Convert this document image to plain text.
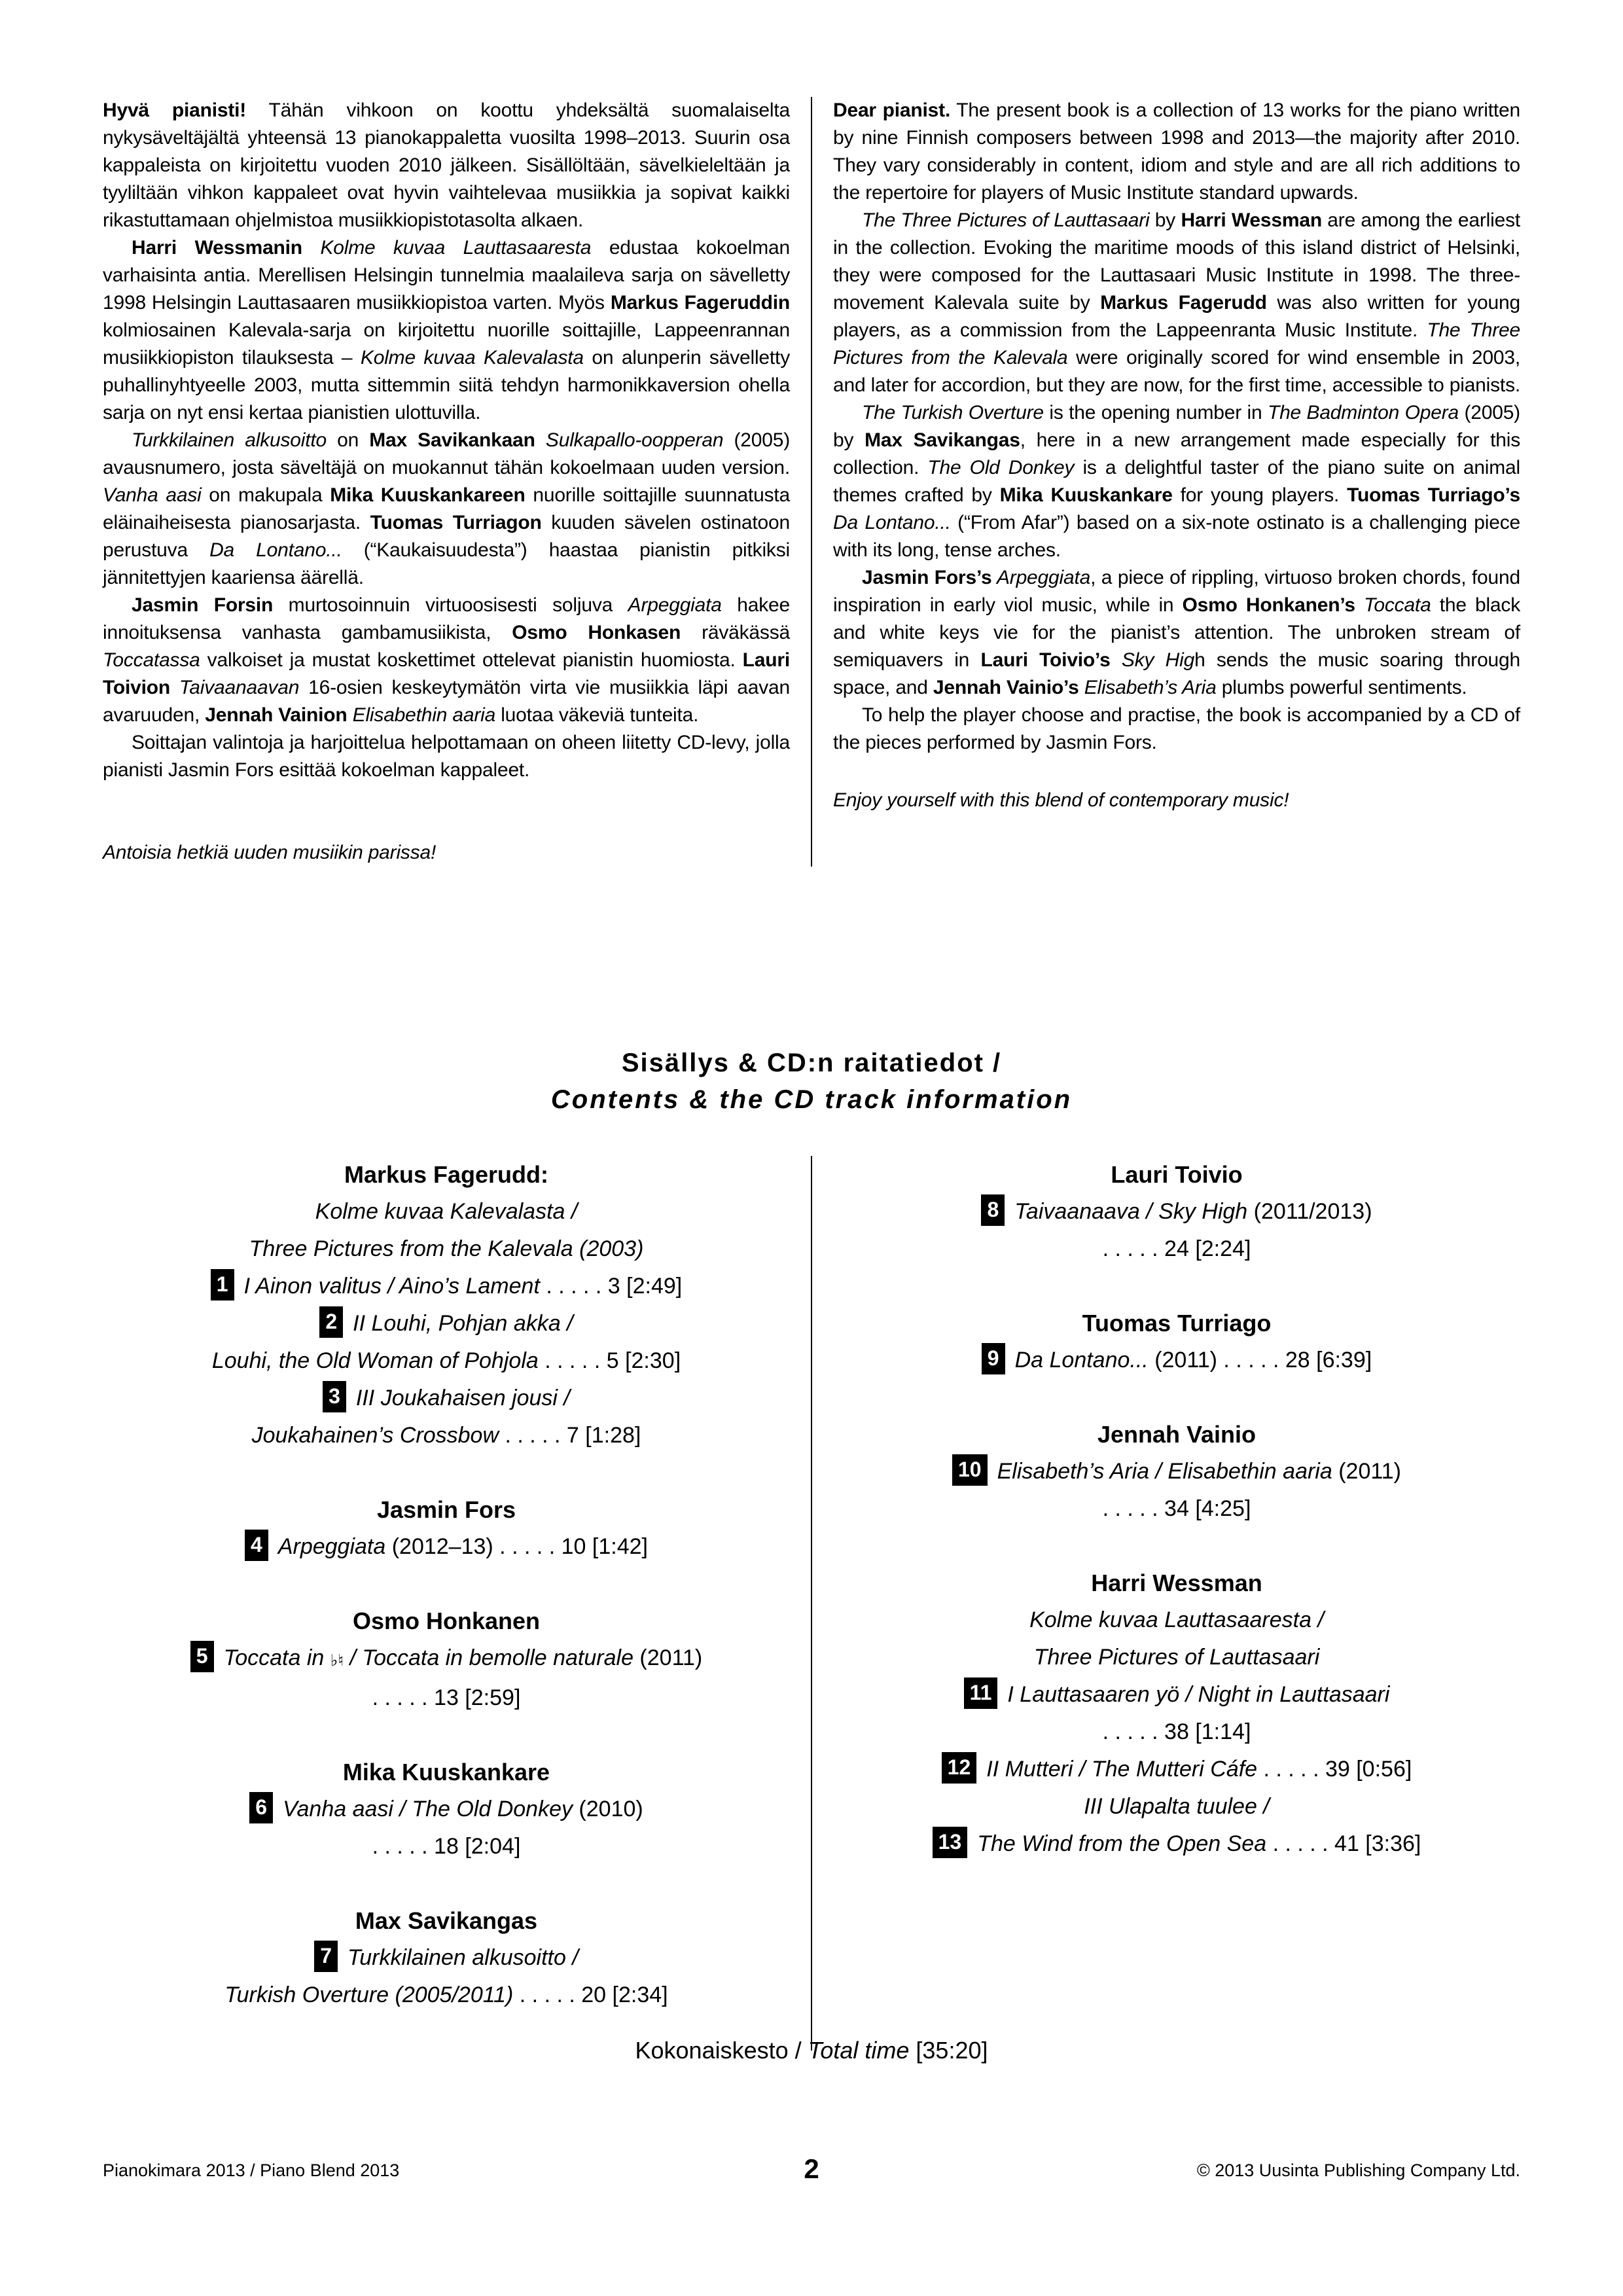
Hyvä pianisti! Tähän vihkoon on koottu yhdeksältä suomalaiselta nykysäveltäjältä yhteensä 13 pianokappaletta vuosilta 1998–2013. Suurin osa kappaleista on kirjoitettu vuoden 2010 jälkeen. Sisällöltään, sävelkieleltään ja tyyliltään vihkon kappaleet ovat hyvin vaihtelevaa musiikkia ja sopivat kaikki rikastuttamaan ohjelmistoa musiikkiopistotasolta alkaen.

Harri Wessmanin Kolme kuvaa Lauttasaaresta edustaa kokoelman varhaisinta antia. Merellisen Helsingin tunnelmia maalaileva sarja on sävelletty 1998 Helsingin Lauttasaaren musiikkiopistoa varten. Myös Markus Fageruddin kolmiosainen Kalevala-sarja on kirjoitettu nuorille soittajille, Lappeenrannan musiikkiopiston tilauksesta – Kolme kuvaa Kalevalasta on alunperin sävelletty puhallinyhtyeelle 2003, mutta sittemmin siitä tehdyn harmonikkaversion ohella sarja on nyt ensi kertaa pianistien ulottuvilla.

Turkkilainen alkusoitto on Max Savikankaan Sulkapallo-oopperan (2005) avausnumero, josta säveltäjä on muokannut tähän kokoelmaan uuden version. Vanha aasi on makupala Mika Kuuskankareen nuorille soittajille suunnatusta eläinaiheisesta pianosarjasta. Tuomas Turriagon kuuden sävelen ostinatoon perustuva Da Lontano... (“Kaukaisuudesta”) haastaa pianistin pitkiksi jännitettyjen kaariensa äärellä.

Jasmin Forsin murtosoinnuin virtuoosisesti soljuva Arpeggiata hakee innoituksensa vanhasta gambamusiikista, Osmo Honkasen räväkässä Toccatassa valkoiset ja mustat koskettimet ottelevat pianistin huomiosta. Lauri Toivion Taivaanaavan 16-osien keskeytymätön virta vie musiikkia läpi aavan avaruuden, Jennah Vainion Elisabethin aaria luotaa väkeviä tunteita.

Soittajan valintoja ja harjoittelua helpottamaan on oheen liitetty CD-levy, jolla pianisti Jasmin Fors esittää kokoelman kappaleet.

Antoisia hetkiä uuden musiikin parissa!

Dear pianist. The present book is a collection of 13 works for the piano written by nine Finnish composers between 1998 and 2013—the majority after 2010. They vary considerably in content, idiom and style and are all rich additions to the repertoire for players of Music Institute standard upwards.

The Three Pictures of Lauttasaari by Harri Wessman are among the earliest in the collection. Evoking the maritime moods of this island district of Helsinki, they were composed for the Lauttasaari Music Institute in 1998. The three-movement Kalevala suite by Markus Fagerudd was also written for young players, as a commission from the Lappeenranta Music Institute. The Three Pictures from the Kalevala were originally scored for wind ensemble in 2003, and later for accordion, but they are now, for the first time, accessible to pianists.

The Turkish Overture is the opening number in The Badminton Opera (2005) by Max Savikangas, here in a new arrangement made especially for this collection. The Old Donkey is a delightful taster of the piano suite on animal themes crafted by Mika Kuuskankare for young players. Tuomas Turriago’s Da Lontano... (“From Afar”) based on a six-note ostinato is a challenging piece with its long, tense arches.

Jasmin Fors’s Arpeggiata, a piece of rippling, virtuoso broken chords, found inspiration in early viol music, while in Osmo Honkanen’s Toccata the black and white keys vie for the pianist’s attention. The unbroken stream of semiquavers in Lauri Toivio’s Sky High sends the music soaring through space, and Jennah Vainio’s Elisabeth’s Aria plumbs powerful sentiments.

To help the player choose and practise, the book is accompanied by a CD of the pieces performed by Jasmin Fors.

Enjoy yourself with this blend of contemporary music!

Sisällys & CD:n raitatiedot /
Contents & the CD track information
Markus Fagerudd:
Kolme kuvaa Kalevalasta /
Three Pictures from the Kalevala (2003)
1 I Ainon valitus / Aino’s Lament . . . . . 3 [2:49]
2 II Louhi, Pohjan akka /
Louhi, the Old Woman of Pohjola . . . . . 5 [2:30]
3 III Joukahaisen jousi /
Joukahainen’s Crossbow . . . . . 7 [1:28]
Jasmin Fors
4 Arpeggiata (2012–13) . . . . . 10 [1:42]
Osmo Honkanen
5 Toccata in ♭♮ / Toccata in bemolle naturale (2011)
. . . . . 13 [2:59]
Mika Kuuskankare
6 Vanha aasi / The Old Donkey (2010)
. . . . . 18 [2:04]
Max Savikangas
7 Turkkilainen alkusoitto /
Turkish Overture (2005/2011) . . . . . 20 [2:34]
Lauri Toivio
8 Taivaanaava / Sky High (2011/2013)
. . . . . 24 [2:24]
Tuomas Turriago
9 Da Lontano... (2011) . . . . . 28 [6:39]
Jennah Vainio
10 Elisabeth’s Aria / Elisabethin aaria (2011)
. . . . . 34 [4:25]
Harri Wessman
Kolme kuvaa Lauttasaaresta /
Three Pictures of Lauttasaari
11 I Lauttasaaren yö / Night in Lauttasaari
. . . . . 38 [1:14]
12 II Mutteri / The Mutteri Cáfe . . . . . 39 [0:56]
III Ulapalta tuulee /
13 The Wind from the Open Sea . . . . . 41 [3:36]
Kokonaiskesto / Total time [35:20]
Pianokimara 2013 / Piano Blend 2013	2	© 2013 Uusinta Publishing Company Ltd.
